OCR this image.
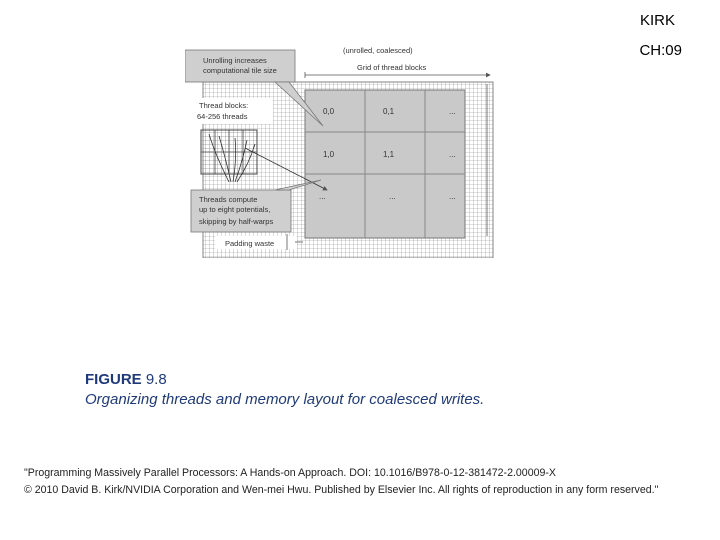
KIRK
CH:09
0,0	0,1	...
1,0	1,1	...
...	...	...
(unrolled, coalesced)
Grid of thread blocks
Unrolling increases
computational tile size
Thread blocks:
64-256 threads
Threads compute
up to eight potentials,
skipping by half-warps
Padding waste
FIGURE 9.8
Organizing threads and memory layout for coalesced writes.
"Programming Massively Parallel Processors: A Hands-on Approach. DOI: 10.1016/B978-0-12-381472-2.00009-X
© 2010 David B. Kirk/NVIDIA Corporation and Wen-mei Hwu. Published by Elsevier Inc. All rights of reproduction in any form reserved."
